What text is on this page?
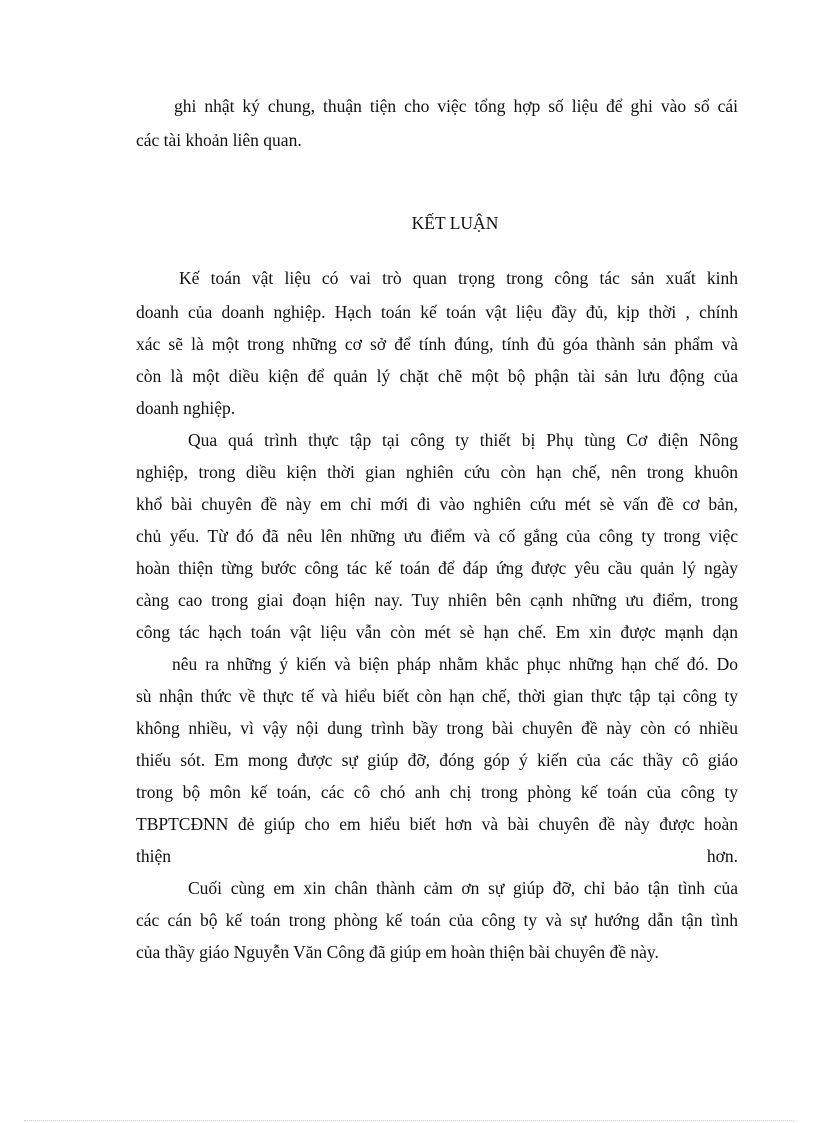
ghi nhật ký chung, thuận tiện cho việc tổng hợp số liệu để ghi vào sổ cái
các tài khoản liên quan.
KẾT LUẬN
Kế toán vật liệu có vai trò quan trọng trong công tác sản xuất kinh
doanh của doanh nghiệp. Hạch toán kế toán vật liệu đầy đủ, kịp thời , chính
xác sẽ là một trong những cơ sở để tính đúng, tính đủ góa thành sản phẩm và
còn là một diều kiện để quản lý chặt chẽ một bộ phận tài sản lưu động của
doanh nghiệp.
Qua quá trình thực tập tại công ty thiết bị Phụ tùng Cơ điện Nông
nghiệp, trong diều kiện thời gian nghiên cứu còn hạn chế, nên trong khuôn
khổ bài chuyên đề này em chỉ mới đi vào nghiên cứu mét sè vấn đề cơ bản,
chủ yếu. Từ đó đã nêu lên những ưu điểm và cố gắng của công ty trong việc
hoàn thiện từng bước công tác kế toán để đáp ứng được yêu cầu quản lý ngày
càng cao trong giai đoạn hiện nay. Tuy nhiên bên cạnh những ưu điểm, trong
công tác hạch toán vật liệu vẫn còn mét sè hạn chế. Em xin được mạnh dạn
nêu ra những ý kiến và biện pháp nhằm khắc phục những hạn chế đó. Do
sù nhận thức về thực tế và hiểu biết còn hạn chế, thời gian thực tập tại công ty
không nhiều, vì vậy nội dung trình bầy trong bài chuyên đề này còn có nhiều
thiếu sót. Em mong được sự giúp đỡ, đóng góp ý kiến của các thầy cô giáo
trong bộ môn kế toán, các cô chó anh chị trong phòng kế toán của công ty
TBPTCĐNN đẻ giúp cho em hiểu biết hơn và bài chuyên đề này được hoàn
thiện	hơn.
Cuối cùng em xin chân thành cảm ơn sự giúp đỡ, chỉ bảo tận tình của
các cán bộ kế toán trong phòng kế toán của công ty và sự hướng dẫn tận tình
của thầy giáo Nguyễn Văn Công đã giúp em hoàn thiện bài chuyên đề này.
